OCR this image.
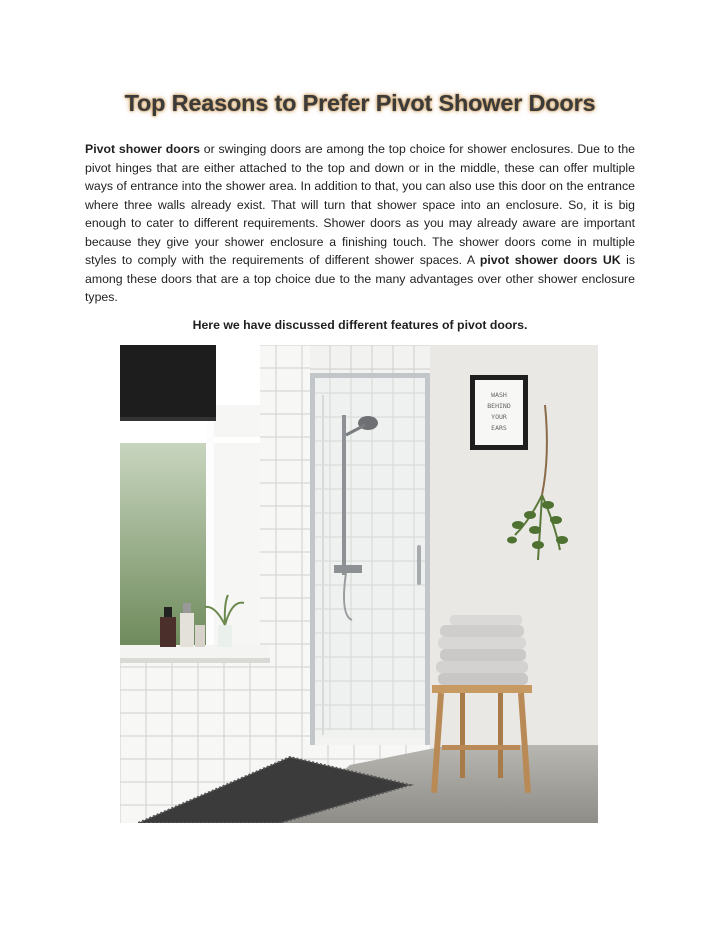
Top Reasons to Prefer Pivot Shower Doors
Pivot shower doors or swinging doors are among the top choice for shower enclosures. Due to the pivot hinges that are either attached to the top and down or in the middle, these can offer multiple ways of entrance into the shower area. In addition to that, you can also use this door on the entrance where three walls already exist. That will turn that shower space into an enclosure. So, it is big enough to cater to different requirements. Shower doors as you may already aware are important because they give your shower enclosure a finishing touch. The shower doors come in multiple styles to comply with the requirements of different shower spaces. A pivot shower doors UK is among these doors that are a top choice due to the many advantages over other shower enclosure types.
Here we have discussed different features of pivot doors.
WASH
BEHIND
YOUR
EARS
